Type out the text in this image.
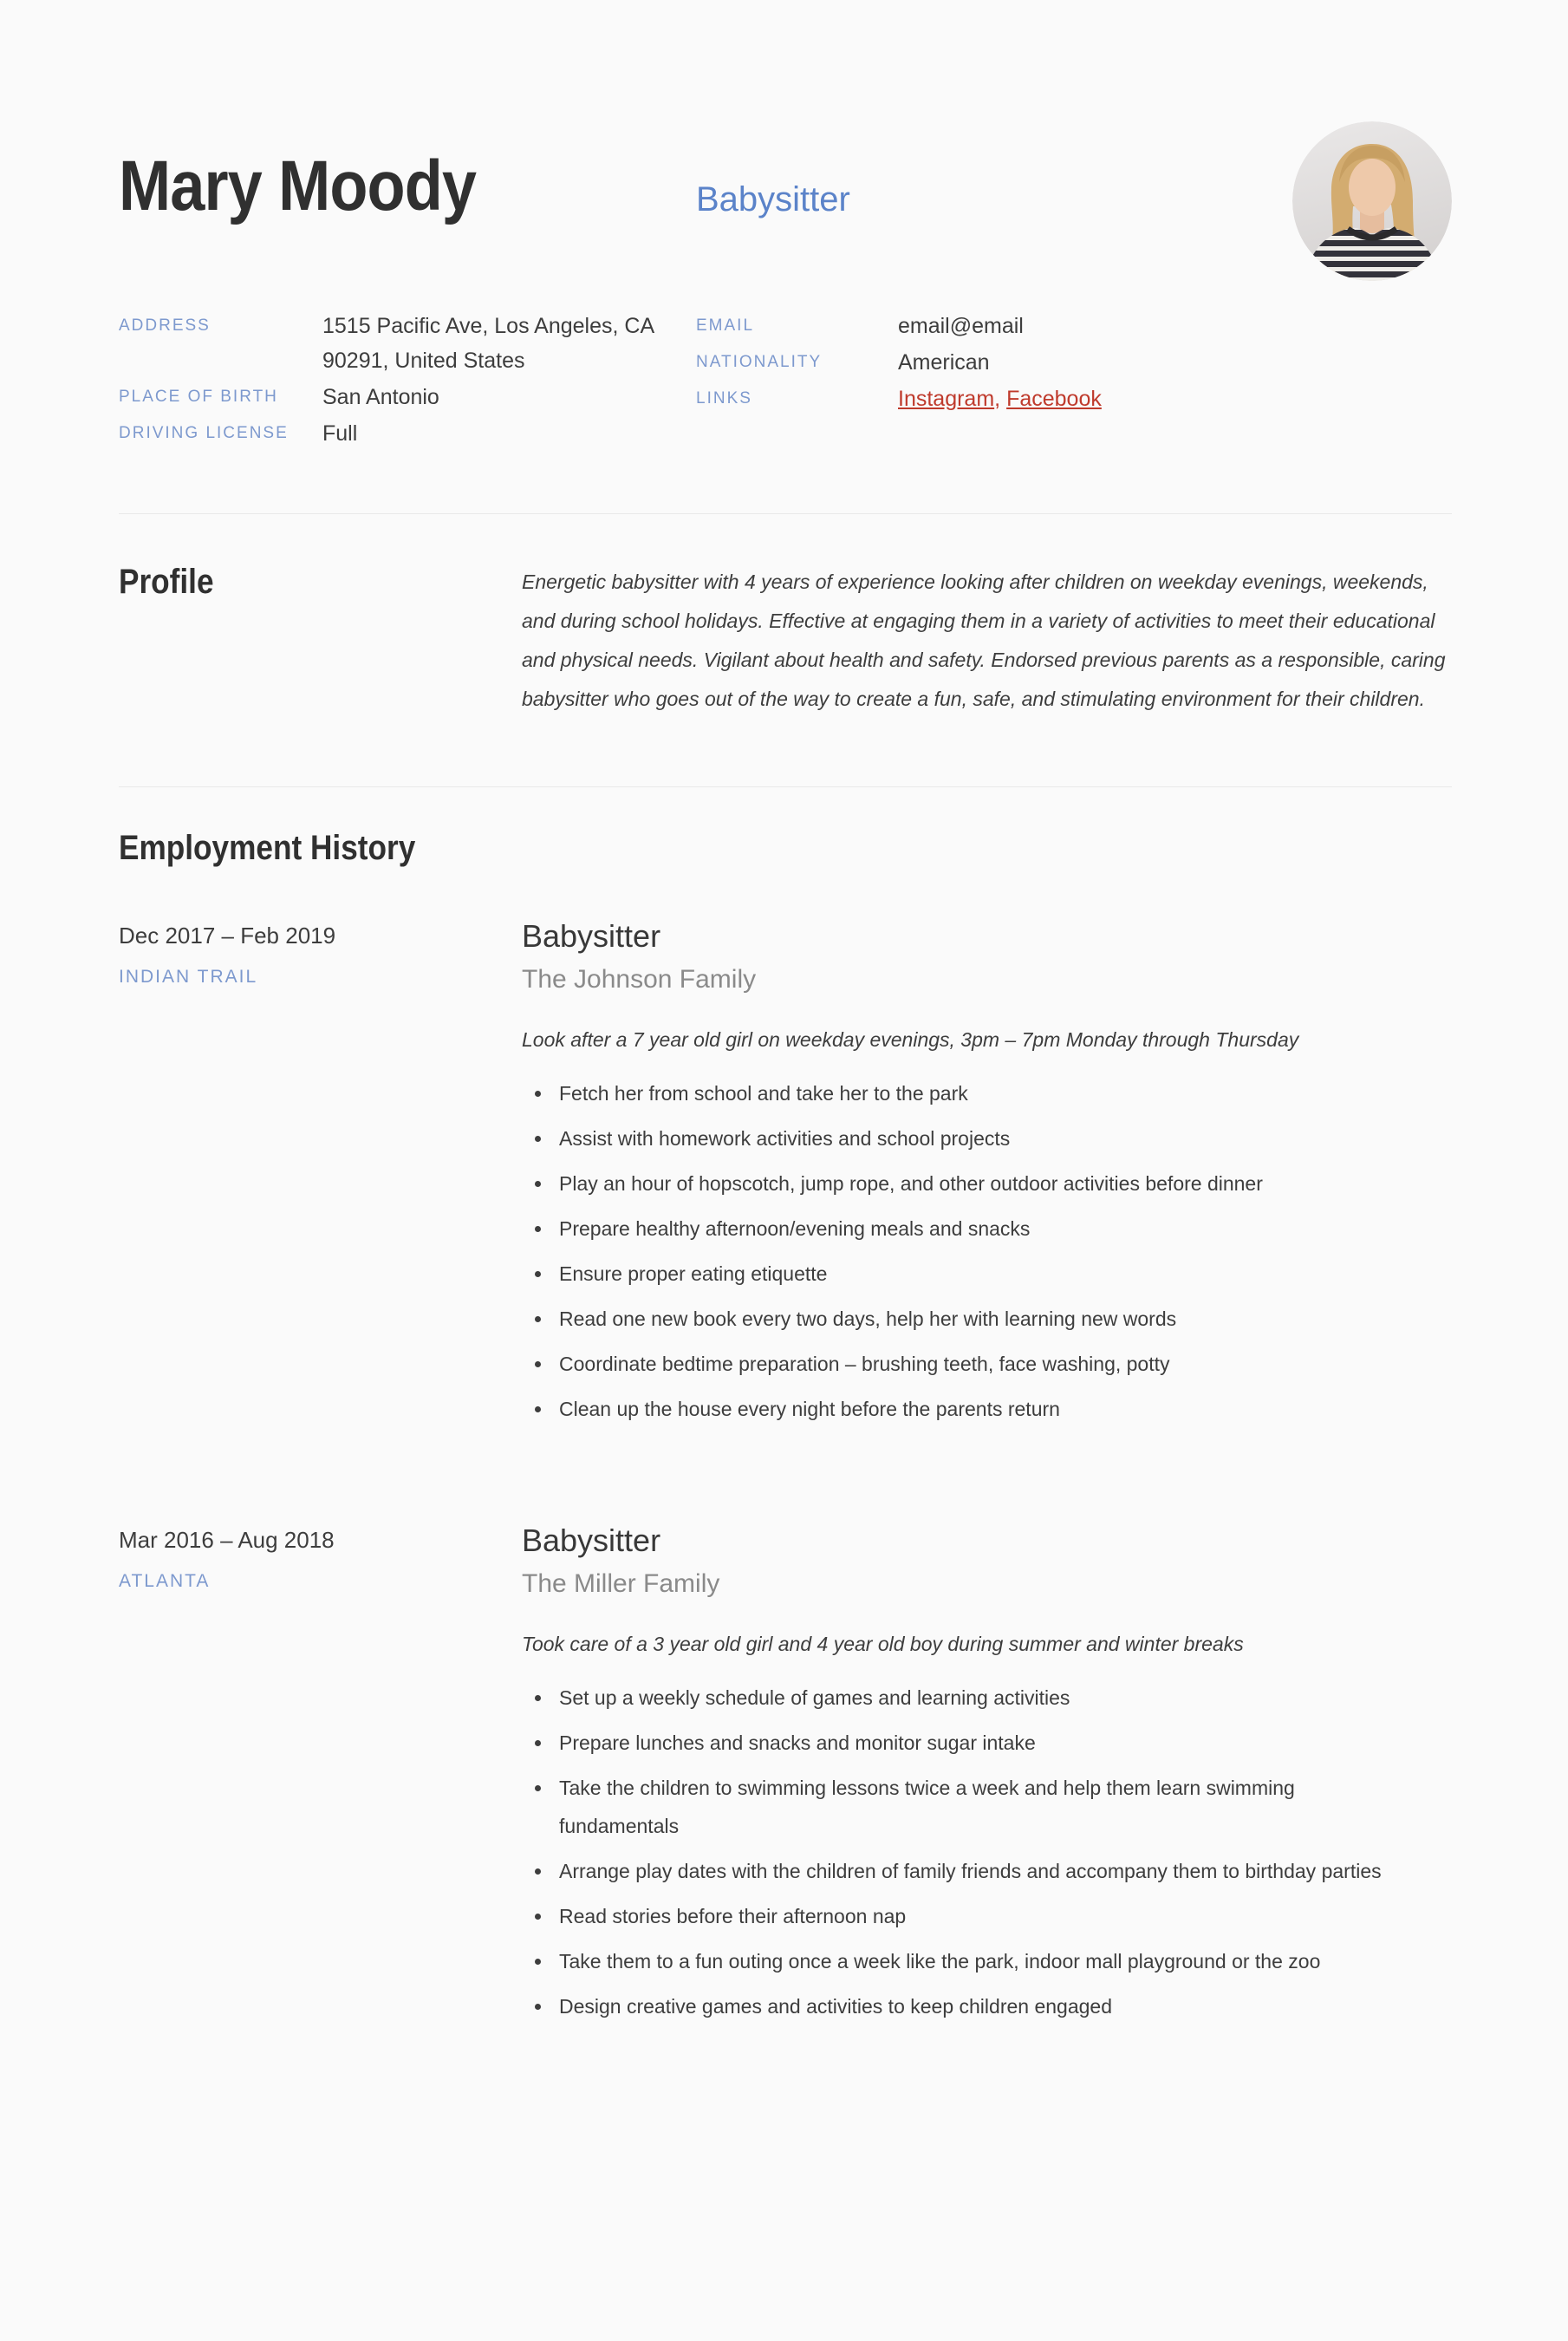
Mary Moody	Babysitter
ADDRESS	1515 Pacific Ave, Los Angeles, CA 90291, United States
PLACE OF BIRTH	San Antonio
DRIVING LICENSE	Full
EMAIL	email@email
NATIONALITY	American
LINKS	Instagram, Facebook
Profile	Energetic babysitter with 4 years of experience looking after children on weekday evenings, weekends, and during school holidays. Effective at engaging them in a variety of activities to meet their educational and physical needs. Vigilant about health and safety. Endorsed previous parents as a responsible, caring babysitter who goes out of the way to create a fun, safe, and stimulating environment for their children.
Employment History
Dec 2017 – Feb 2019
INDIAN TRAIL
Babysitter
The Johnson Family
Look after a 7 year old girl on weekday evenings, 3pm – 7pm Monday through Thursday
Fetch her from school and take her to the park
Assist with homework activities and school projects
Play an hour of hopscotch, jump rope, and other outdoor activities before dinner
Prepare healthy afternoon/evening meals and snacks
Ensure proper eating etiquette
Read one new book every two days, help her with learning new words
Coordinate bedtime preparation – brushing teeth, face washing, potty
Clean up the house every night before the parents return
Mar 2016 – Aug 2018
ATLANTA
Babysitter
The Miller Family
Took care of a 3 year old girl and 4 year old boy during summer and winter breaks
Set up a weekly schedule of games and learning activities
Prepare lunches and snacks and monitor sugar intake
Take the children to swimming lessons twice a week and help them learn swimming fundamentals
Arrange play dates with the children of family friends and accompany them to birthday parties
Read stories before their afternoon nap
Take them to a fun outing once a week like the park, indoor mall playground or the zoo
Design creative games and activities to keep children engaged
